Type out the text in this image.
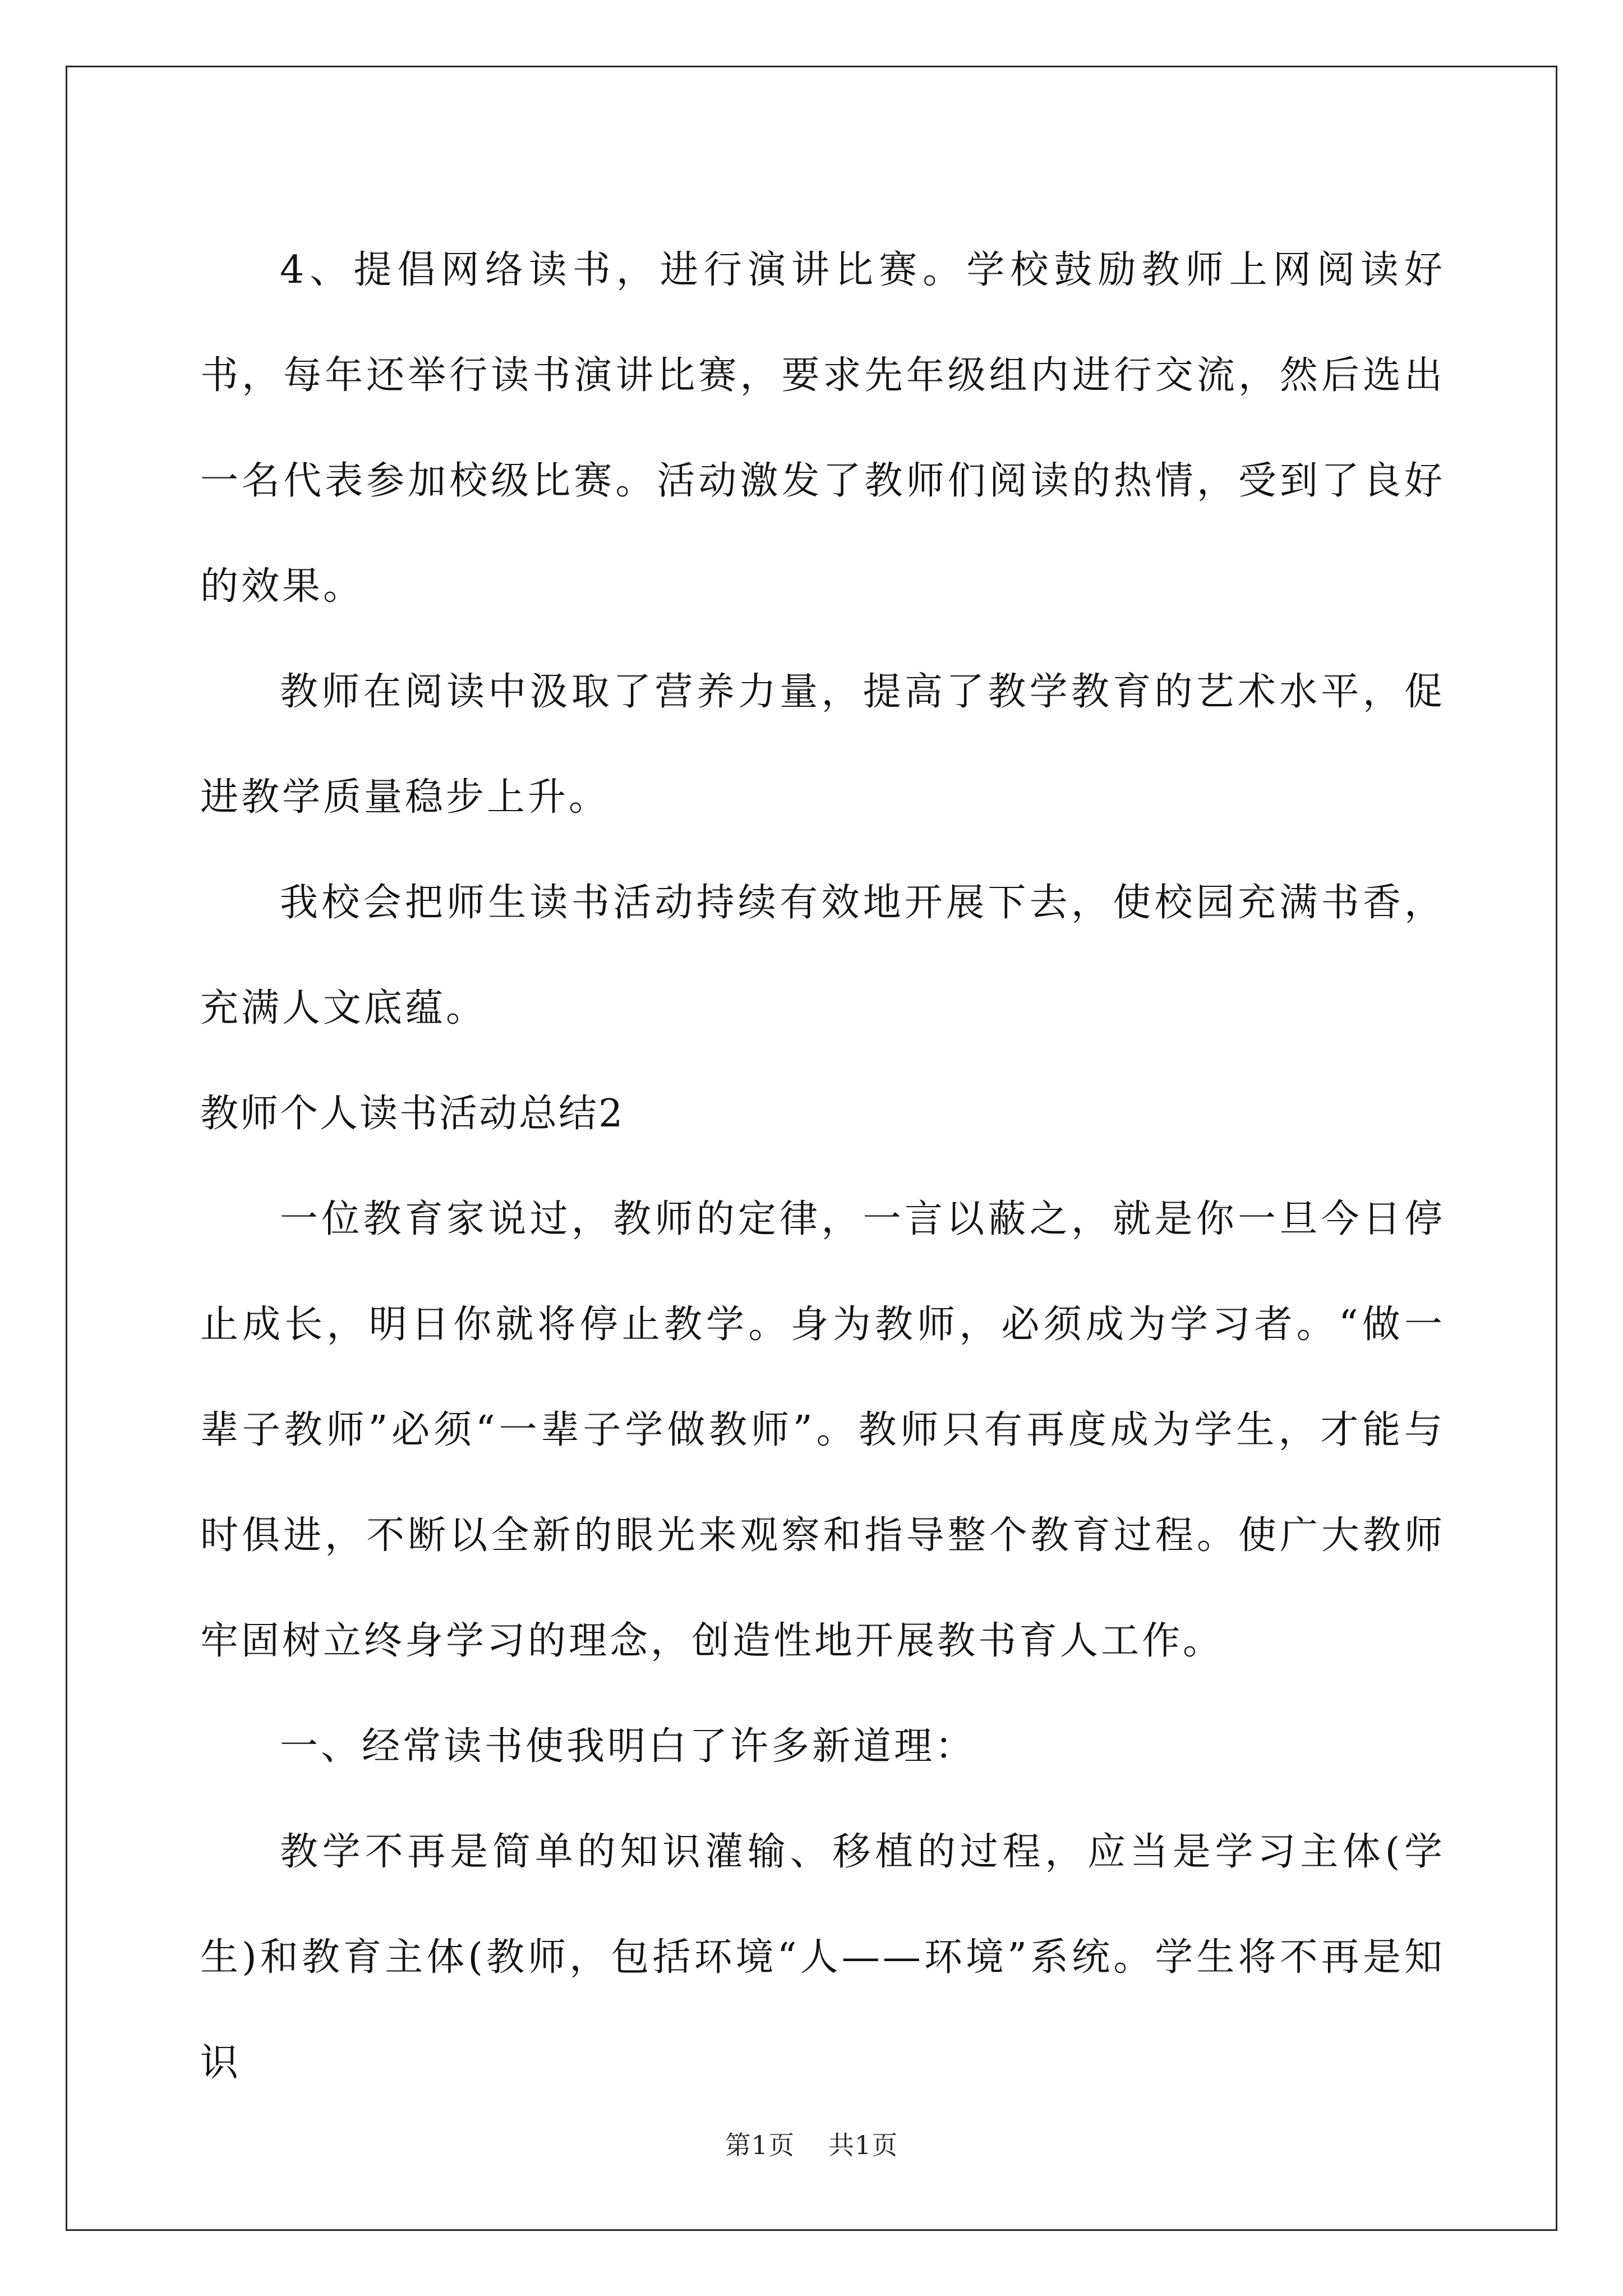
4、提倡网络读书，进行演讲比赛。学校鼓励教师上网阅读好书，每年还举行读书演讲比赛，要求先年级组内进行交流，然后选出一名代表参加校级比赛。活动激发了教师们阅读的热情，受到了良好的效果。

教师在阅读中汲取了营养力量，提高了教学教育的艺术水平，促进教学质量稳步上升。

我校会把师生读书活动持续有效地开展下去，使校园充满书香，充满人文底蕴。

教师个人读书活动总结2

一位教育家说过，教师的定律，一言以蔽之，就是你一旦今日停止成长，明日你就将停止教学。身为教师，必须成为学习者。“做一辈子教师”必须“一辈子学做教师”。教师只有再度成为学生，才能与时俱进，不断以全新的眼光来观察和指导整个教育过程。使广大教师牢固树立终身学习的理念，创造性地开展教书育人工作。

一、经常读书使我明白了许多新道理：

教学不再是简单的知识灌输、移植的过程，应当是学习主体(学生)和教育主体(教师，包括环境“人——环境”系统。学生将不再是知识

第1页 共1页
